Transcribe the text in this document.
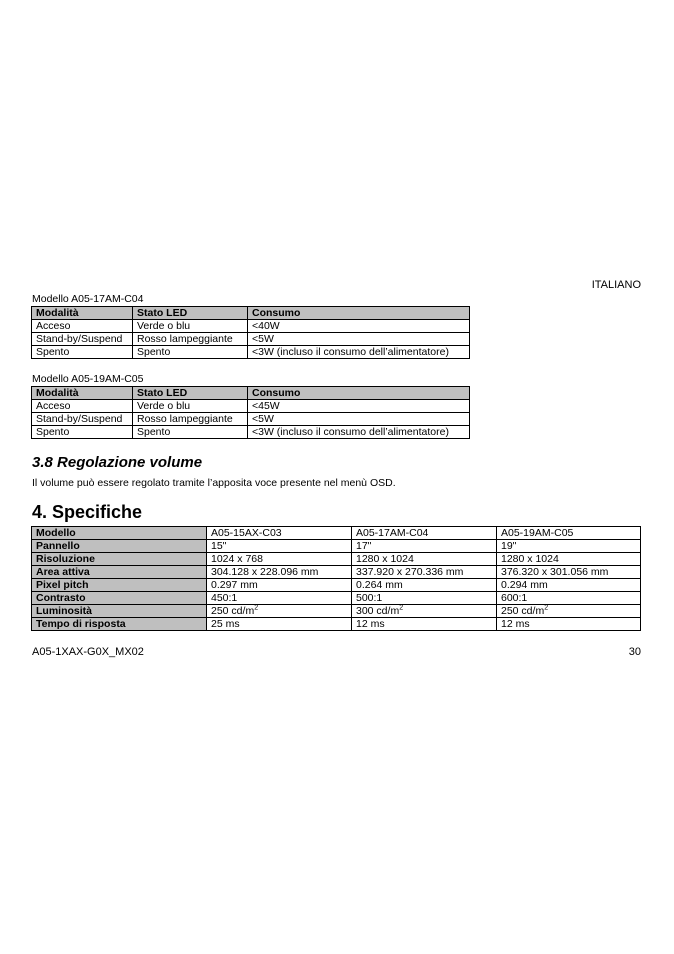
ITALIANO
Modello A05-17AM-C04
Modalità	Stato LED	Consumo
Acceso	Verde o blu	<40W
Stand-by/Suspend	Rosso lampeggiante	<5W
Spento	Spento	<3W (incluso il consumo dell’alimentatore)
Modello A05-19AM-C05
Modalità	Stato LED	Consumo
Acceso	Verde o blu	<45W
Stand-by/Suspend	Rosso lampeggiante	<5W
Spento	Spento	<3W (incluso il consumo dell’alimentatore)
3.8 Regolazione volume
Il volume può essere regolato tramite l’apposita voce presente nel menù OSD.
4. Specifiche
Modello	A05-15AX-C03	A05-17AM-C04	A05-19AM-C05
Pannello	15"	17"	19"
Risoluzione	1024 x 768	1280 x 1024	1280 x 1024
Area attiva	304.128 x 228.096 mm	337.920 x 270.336 mm	376.320 x 301.056 mm
Pixel pitch	0.297 mm	0.264 mm	0.294 mm
Contrasto	450:1	500:1	600:1
Luminosità	250 $cd/m^2$	300 $cd/m^2$	250 $cd/m^2$
Tempo di risposta	25 ms	12 ms	12 ms
A05-1XAX-G0X_MX02	30
